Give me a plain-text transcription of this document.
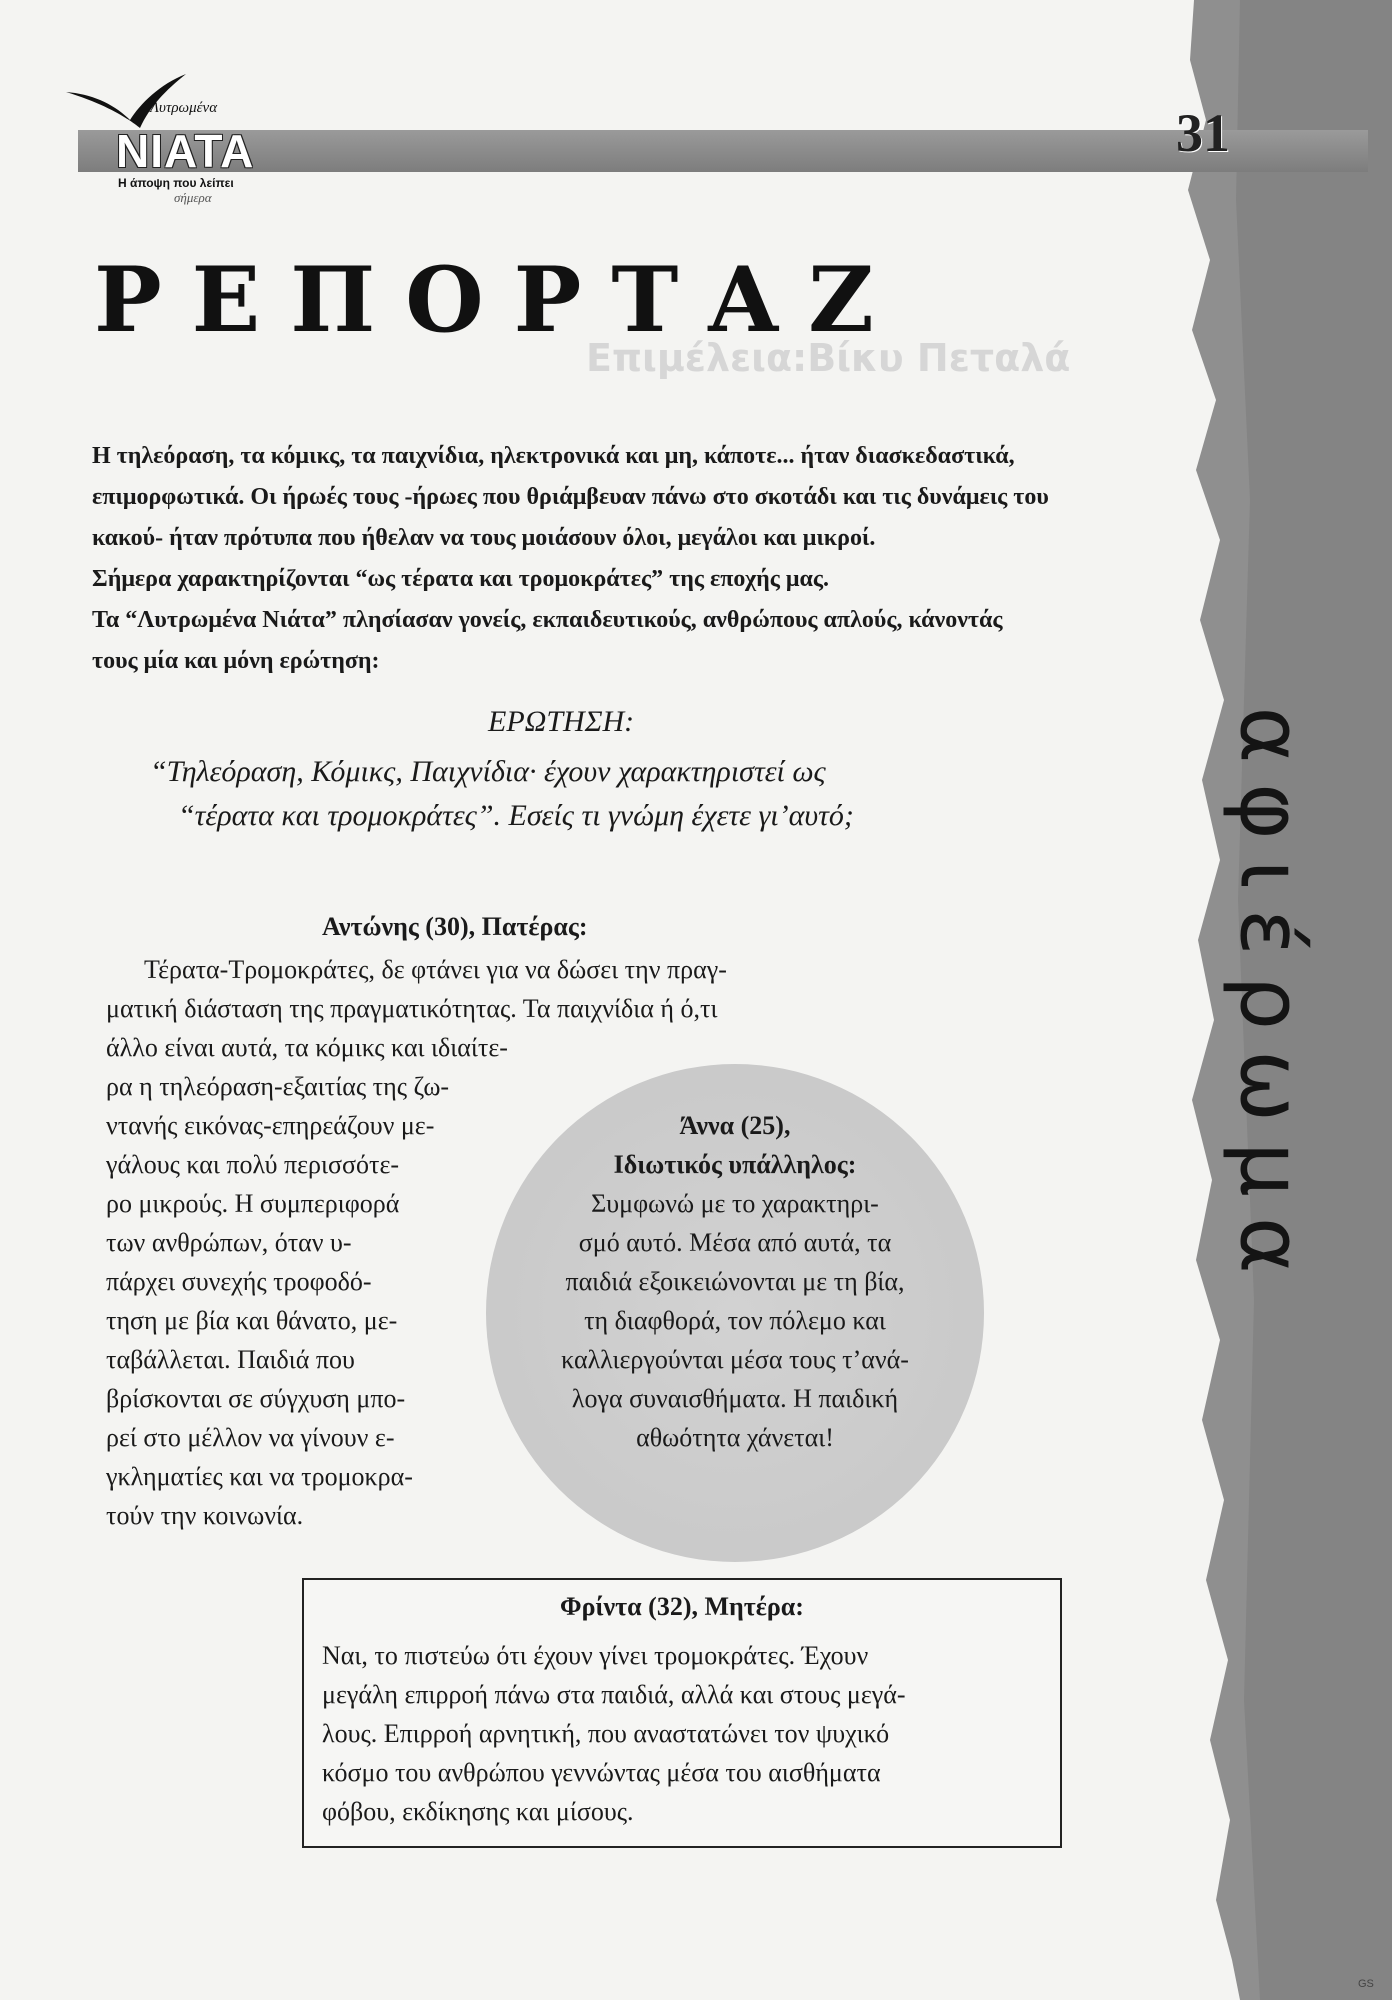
αφιέρωμα
Λυτρωμένα
ΝΙΑΤΑ
Η άποψη που λείπει
σήμερα
31
Επιμέλεια:Βίκυ Πεταλά
ΡΕΠΟΡΤΑΖ

Η τηλεόραση, τα κόμικς, τα παιχνίδια, ηλεκτρονικά και μη, κάποτε... ήταν διασκεδαστικά, επιμορφωτικά. Οι ήρωές τους -ήρωες που θριάμβευαν πάνω στο σκοτάδι και τις δυνάμεις του κακού- ήταν πρότυπα που ήθελαν να τους μοιάσουν όλοι, μεγάλοι και μικροί.

Σήμερα χαρακτηρίζονται “ως τέρατα και τρομοκράτες” της εποχής μας.

Τα “Λυτρωμένα Νιάτα” πλησίασαν γονείς, εκπαιδευτικούς, ανθρώπους απλούς, κάνοντάς τους μία και μόνη ερώτηση:

ΕΡΩΤΗΣΗ:
“Τηλεόραση, Κόμικς, Παιχνίδια· έχουν χαρακτηριστεί ως
“τέρατα και τρομοκράτες”. Εσείς τι γνώμη έχετε γι’αυτό;
Αντώνης (30), Πατέρας:
Τέρατα-Τρομοκράτες, δε φτάνει για να δώσει την πραγ-
ματική διάσταση της πραγματικότητας. Τα παιχνίδια ή ό,τι
άλλο είναι αυτά, τα κόμικς και ιδιαίτε-
ρα η τηλεόραση-εξαιτίας της ζω-
ντανής εικόνας-επηρεάζουν με-
γάλους και πολύ περισσότε-
ρο μικρούς. Η συμπεριφορά
των ανθρώπων, όταν υ-
πάρχει συνεχής τροφοδό-
τηση με βία και θάνατο, με-
ταβάλλεται. Παιδιά που
βρίσκονται σε σύγχυση μπο-
ρεί στο μέλλον να γίνουν ε-
γκληματίες και να τρομοκρα-
τούν την κοινωνία.
Άννα (25),
Ιδιωτικός υπάλληλος:
Συμφωνώ με το χαρακτηρι-
σμό αυτό. Μέσα από αυτά, τα
παιδιά εξοικειώνονται με τη βία,
τη διαφθορά, τον πόλεμο και
καλλιεργούνται μέσα τους τ’ανά-
λογα συναισθήματα. Η παιδική
αθωότητα χάνεται!
Φρίντα (32), Μητέρα:
Ναι, το πιστεύω ότι έχουν γίνει τρομοκράτες. Έχουν
μεγάλη επιρροή πάνω στα παιδιά, αλλά και στους μεγά-
λους. Επιρροή αρνητική, που αναστατώνει τον ψυχικό
κόσμο του ανθρώπου γεννώντας μέσα του αισθήματα
φόβου, εκδίκησης και μίσους.
GS
